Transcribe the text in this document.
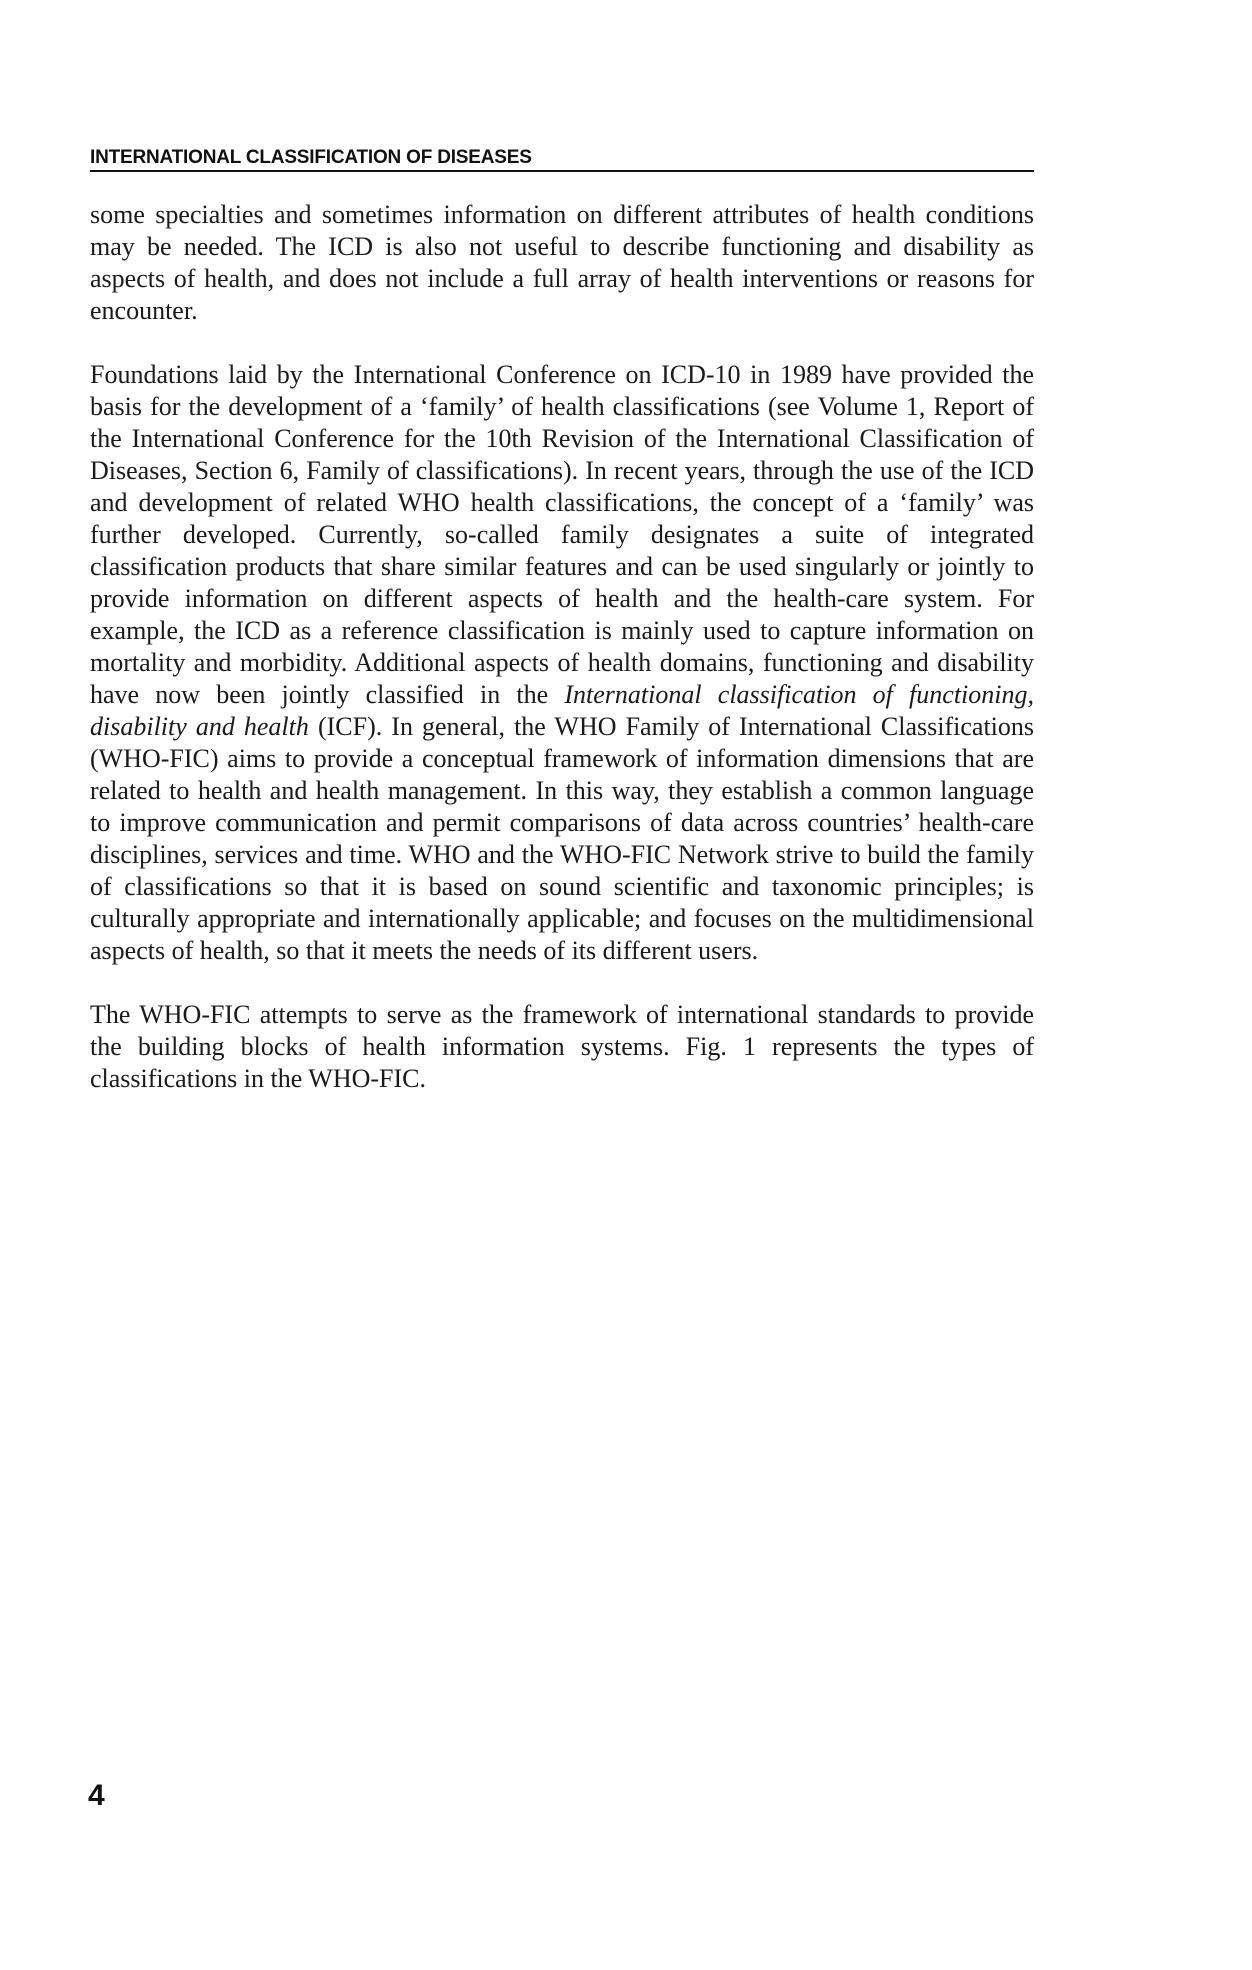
INTERNATIONAL CLASSIFICATION OF DISEASES

some specialties and sometimes information on different attributes of health conditions may be needed. The ICD is also not useful to describe functioning and disability as aspects of health, and does not include a full array of health interventions or reasons for encounter.

Foundations laid by the International Conference on ICD-10 in 1989 have provided the basis for the development of a ‘family’ of health classifications (see Volume 1, Report of the International Conference for the 10th Revision of the International Classification of Diseases, Section 6, Family of classifications). In recent years, through the use of the ICD and development of related WHO health classifications, the concept of a ‘family’ was further developed. Currently, so-called family designates a suite of integrated classification products that share similar features and can be used singularly or jointly to provide information on different aspects of health and the health-care system. For example, the ICD as a reference classification is mainly used to capture information on mortality and morbidity. Additional aspects of health domains, functioning and disability have now been jointly classified in the International classification of functioning, disability and health (ICF). In general, the WHO Family of International Classifications (WHO-FIC) aims to provide a conceptual framework of information dimensions that are related to health and health management. In this way, they establish a common language to improve communication and permit comparisons of data across countries’ health-care disciplines, services and time. WHO and the WHO-FIC Network strive to build the family of classifications so that it is based on sound scientific and taxonomic principles; is culturally appropriate and internationally applicable; and focuses on the multidimensional aspects of health, so that it meets the needs of its different users.

The WHO-FIC attempts to serve as the framework of international standards to provide the building blocks of health information systems. Fig. 1 represents the types of classifications in the WHO-FIC.

4
